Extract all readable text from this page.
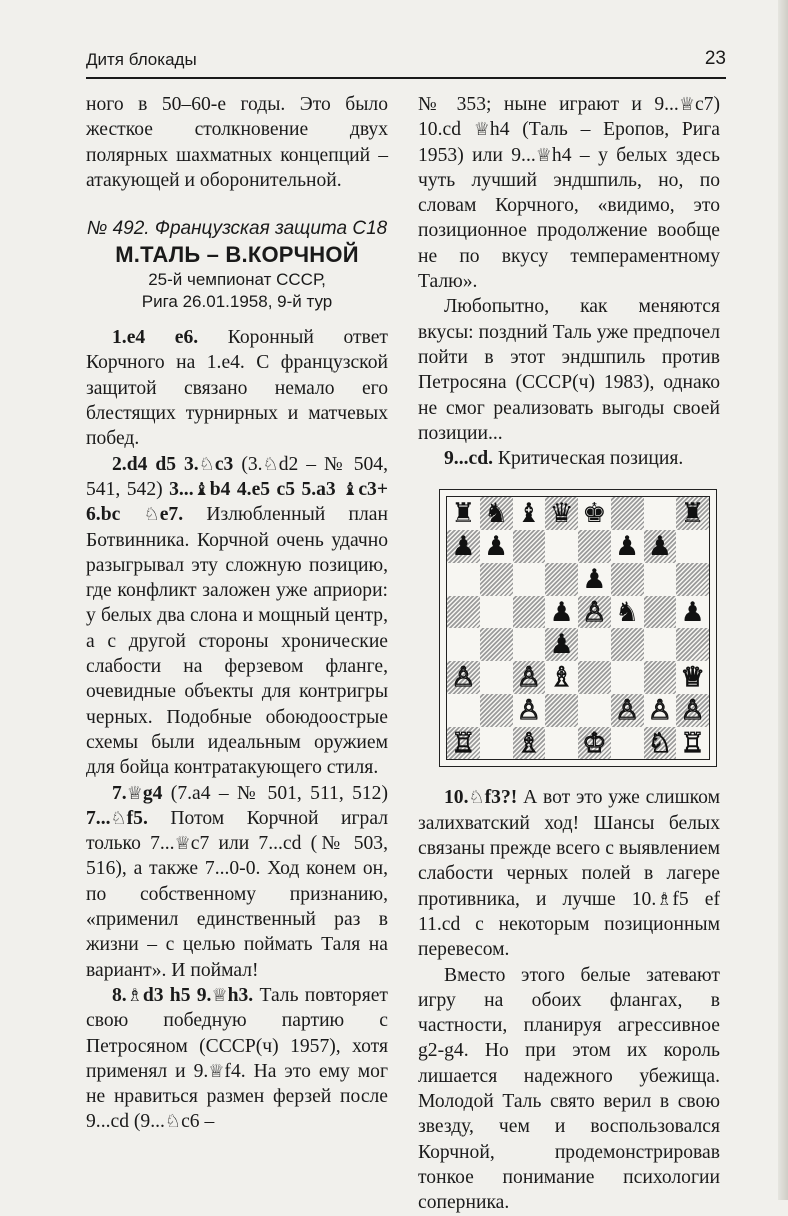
Дитя блокады	23

ного в 50–60-е годы. Это было жесткое столкновение двух полярных шахматных концепций – атакующей и оборонительной.

№ 492. Французская защита С18
М.ТАЛЬ – В.КОРЧНОЙ
25-й чемпионат СССР,
Рига 26.01.1958, 9-й тур

1.e4 e6. Коронный ответ Корчного на 1.e4. С французской защитой связано немало его блестящих турнирных и матчевых побед.

2.d4 d5 3.♘c3 (3.♘d2 – № 504, 541, 542) 3...♝b4 4.e5 c5 5.a3 ♝c3+ 6.bc ♘e7. Излюбленный план Ботвинника. Корчной очень удачно разыгрывал эту сложную позицию, где конфликт заложен уже априори: у белых два слона и мощный центр, а с другой стороны хронические слабости на ферзевом фланге, очевидные объекты для контригры черных. Подобные обоюдоострые схемы были идеальным оружием для бойца контратакующего стиля.

7.♕g4 (7.a4 – № 501, 511, 512) 7...♘f5. Потом Корчной играл только 7...♕c7 или 7...cd (№ 503, 516), а также 7...0-0. Ход конем он, по собственному признанию, «применил единственный раз в жизни – с целью поймать Таля на вариант». И поймал!

8.♗d3 h5 9.♕h3. Таль повторяет свою победную партию с Петросяном (СССР(ч) 1957), хотя применял и 9.♕f4. На это ему мог не нравиться размен ферзей после 9...cd (9...♘c6 –

№ 353; ныне играют и 9...♕c7) 10.cd ♕h4 (Таль – Еропов, Рига 1953) или 9...♕h4 – у белых здесь чуть лучший эндшпиль, но, по словам Корчного, «видимо, это позиционное продолжение вообще не по вкусу темпераментному Талю».

Любопытно, как меняются вкусы: поздний Таль уже предпочел пойти в этот эндшпиль против Петросяна (СССР(ч) 1983), однако не смог реализовать выгоды своей позиции...

9...cd. Критическая позиция.

♜ ♞ ♝ ♛ ♚	♜
♟ ♟	♟ ♟
♟
♟ ♙ ♞ ♟
♟
♙ ♙ ♗	♕
♙	♙ ♙ ♙
♖ ♗ ♔ ♘ ♖

10.♘f3?! А вот это уже слишком залихватский ход! Шансы белых связаны прежде всего с выявлением слабости черных полей в лагере противника, и лучше 10.♗f5 ef 11.cd с некоторым позиционным перевесом.

Вместо этого белые затевают игру на обоих флангах, в частности, планируя агрессивное g2-g4. Но при этом их король лишается надежного убежища. Молодой Таль свято верил в свою звезду, чем и воспользовался Корчной, продемонстрировав тонкое понимание психологии соперника.
